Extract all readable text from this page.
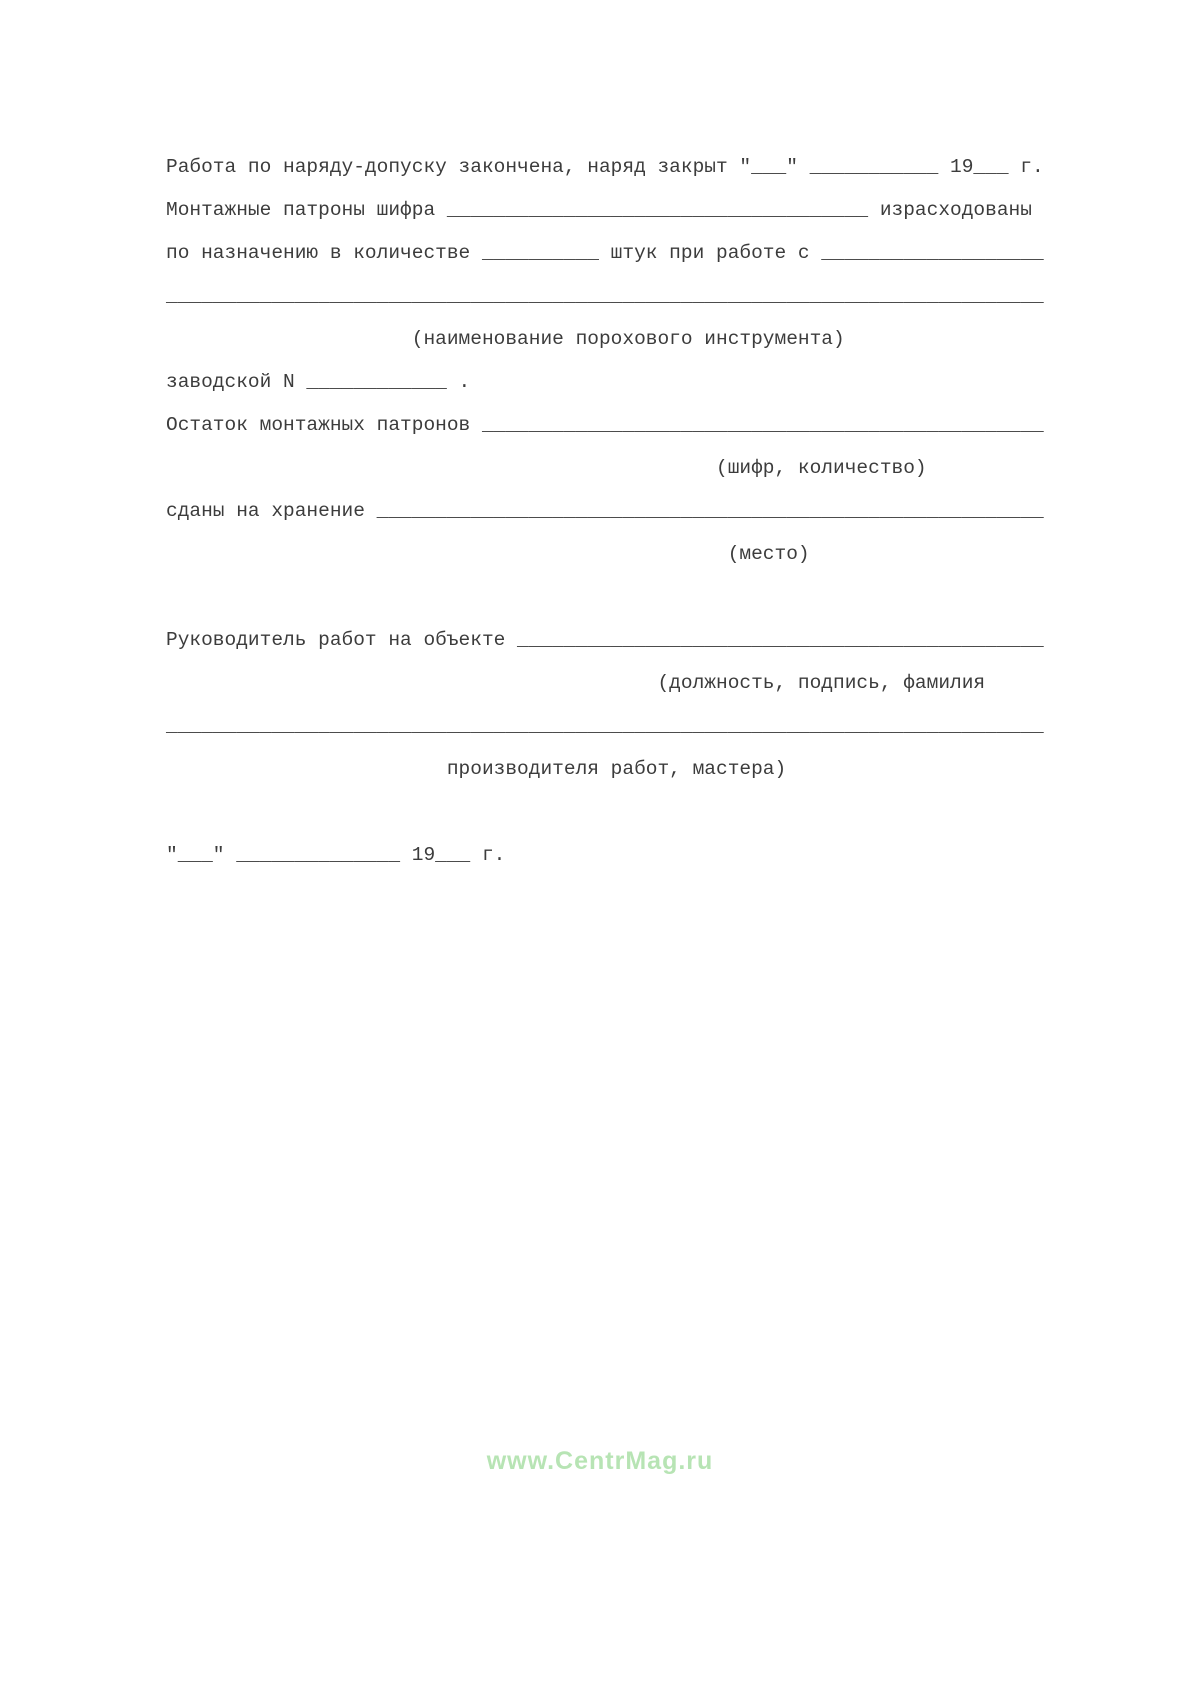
Работа по наряду-допуску закончена, наряд закрыт "___" ___________ 19___ г.
Монтажные патроны шифра ____________________________________ израсходованы
по назначению в количестве __________ штук при работе с ___________________
___________________________________________________________________________
(наименование порохового инструмента)
заводской N ____________ .
Остаток монтажных патронов ________________________________________________
(шифр, количество)
сданы на хранение _________________________________________________________
(место)
Руководитель работ на объекте _____________________________________________
(должность, подпись, фамилия
___________________________________________________________________________
производителя работ, мастера)
"___" ______________ 19___ г.
www.CentrMag.ru
